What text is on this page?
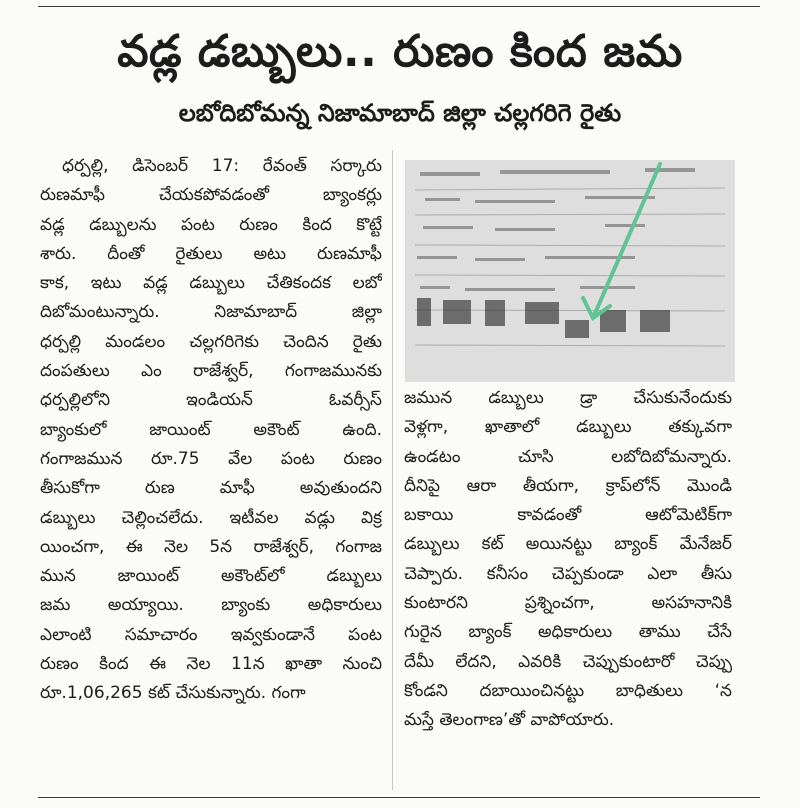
వడ్ల డబ్బులు.. రుణం కింద జమ
లబోదిబోమన్న నిజామాబాద్ జిల్లా చల్లగరిగె రైతు
ధర్పల్లి, డిసెంబర్ 17: రేవంత్ సర్కారు
రుణమాఫీ చేయకపోవడంతో బ్యాంకర్లు
వడ్ల డబ్బులను పంట రుణం కింద కొట్టే
శారు. దీంతో రైతులు అటు రుణమాఫీ
కాక, ఇటు వడ్ల డబ్బులు చేతికందక లబో
దిబోమంటున్నారు. నిజామాబాద్ జిల్లా
ధర్పల్లి మండలం చల్లగరిగెకు చెందిన రైతు
దంపతులు ఎం రాజేశ్వర్, గంగాజమునకు
ధర్పల్లిలోని ఇండియన్ ఓవర్సీస్
బ్యాంకులో జాయింట్ అకౌంట్ ఉంది.
గంగాజమున రూ.75 వేల పంట రుణం
తీసుకోగా రుణ మాఫీ అవుతుందని
డబ్బులు చెల్లించలేదు. ఇటీవల వడ్లు విక్ర
యించగా, ఈ నెల 5న రాజేశ్వర్, గంగాజ
మున జాయింట్ అకౌంట్‌లో డబ్బులు
జమ అయ్యాయి. బ్యాంకు అధికారులు
ఎలాంటి సమాచారం ఇవ్వకుండానే పంట
రుణం కింద ఈ నెల 11న ఖాతా నుంచి
రూ.1,06,265 కట్ చేసుకున్నారు. గంగా
జమున డబ్బులు డ్రా చేసుకునేందుకు
వెళ్లగా, ఖాతాలో డబ్బులు తక్కువగా
ఉండటం చూసి లబోదిబోమన్నారు.
దీనిపై ఆరా తీయగా, క్రాప్‌లోన్ మొండి
బకాయి కావడంతో ఆటోమెటిక్‌గా
డబ్బులు కట్ అయినట్టు బ్యాంక్ మేనేజర్
చెప్పారు. కనీసం చెప్పకుండా ఎలా తీసు
కుంటారని ప్రశ్నించగా, అసహనానికి
గురైన బ్యాంక్ అధికారులు తాము చేసే
దేమీ లేదని, ఎవరికి చెప్పుకుంటారో చెప్పు
కోండని దబాయించినట్టు బాధితులు ‘న
మస్తే తెలంగాణ’తో వాపోయారు.
